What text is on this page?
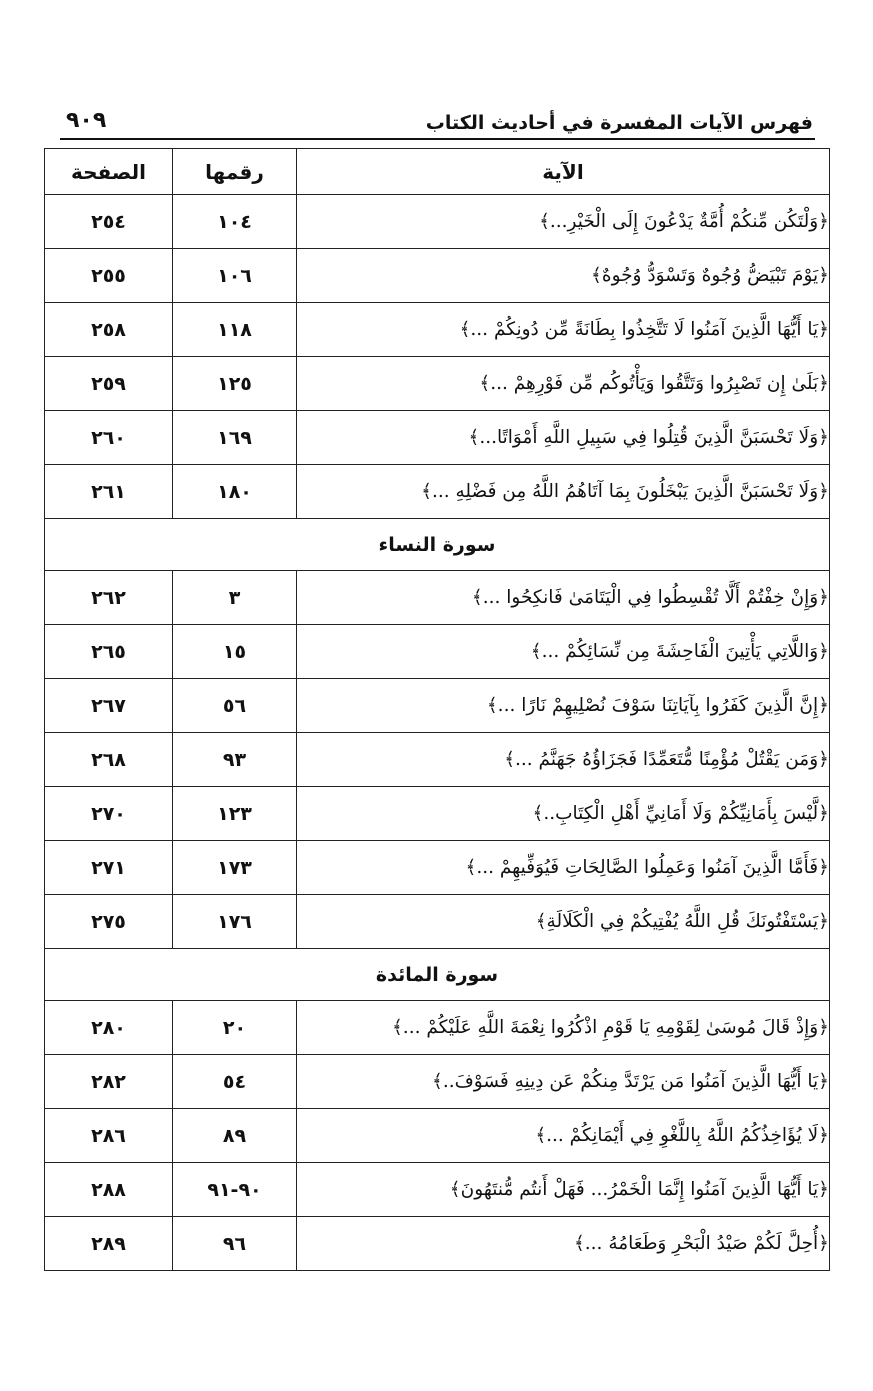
فهرس الآيات المفسرة في أحاديث الكتاب
٩٠٩
الآية	رقمها	الصفحة
﴿وَلْتَكُن مِّنكُمْ أُمَّةٌ يَدْعُونَ إِلَى الْخَيْرِ...﴾	١٠٤	٢٥٤
﴿يَوْمَ تَبْيَضُّ وُجُوهٌ وَتَسْوَدُّ وُجُوهٌ﴾	١٠٦	٢٥٥
﴿يَا أَيُّهَا الَّذِينَ آمَنُوا لَا تَتَّخِذُوا بِطَانَةً مِّن دُونِكُمْ ...﴾	١١٨	٢٥٨
﴿بَلَىٰ إِن تَصْبِرُوا وَتَتَّقُوا وَيَأْتُوكُم مِّن فَوْرِهِمْ ...﴾	١٢٥	٢٥٩
﴿وَلَا تَحْسَبَنَّ الَّذِينَ قُتِلُوا فِي سَبِيلِ اللَّهِ أَمْوَاتًا...﴾	١٦٩	٢٦٠
﴿وَلَا تَحْسَبَنَّ الَّذِينَ يَبْخَلُونَ بِمَا آتَاهُمُ اللَّهُ مِن فَضْلِهِ ...﴾	١٨٠	٢٦١
سورة النساء		
﴿وَإِنْ خِفْتُمْ أَلَّا تُقْسِطُوا فِي الْيَتَامَىٰ فَانكِحُوا ...﴾	٣	٢٦٢
﴿وَاللَّاتِي يَأْتِينَ الْفَاحِشَةَ مِن نِّسَائِكُمْ ...﴾	١٥	٢٦٥
﴿إِنَّ الَّذِينَ كَفَرُوا بِآيَاتِنَا سَوْفَ نُصْلِيهِمْ نَارًا ...﴾	٥٦	٢٦٧
﴿وَمَن يَقْتُلْ مُؤْمِنًا مُّتَعَمِّدًا فَجَزَاؤُهُ جَهَنَّمُ ...﴾	٩٣	٢٦٨
﴿لَّيْسَ بِأَمَانِيِّكُمْ وَلَا أَمَانِيِّ أَهْلِ الْكِتَابِ..﴾	١٢٣	٢٧٠
﴿فَأَمَّا الَّذِينَ آمَنُوا وَعَمِلُوا الصَّالِحَاتِ فَيُوَفِّيهِمْ ...﴾	١٧٣	٢٧١
﴿يَسْتَفْتُونَكَ قُلِ اللَّهُ يُفْتِيكُمْ فِي الْكَلَالَةِ﴾	١٧٦	٢٧٥
سورة المائدة		
﴿وَإِذْ قَالَ مُوسَىٰ لِقَوْمِهِ يَا قَوْمِ اذْكُرُوا نِعْمَةَ اللَّهِ عَلَيْكُمْ ...﴾	٢٠	٢٨٠
﴿يَا أَيُّهَا الَّذِينَ آمَنُوا مَن يَرْتَدَّ مِنكُمْ عَن دِينِهِ فَسَوْفَ..﴾	٥٤	٢٨٢
﴿لَا يُؤَاخِذُكُمُ اللَّهُ بِاللَّغْوِ فِي أَيْمَانِكُمْ ...﴾	٨٩	٢٨٦
﴿يَا أَيُّهَا الَّذِينَ آمَنُوا إِنَّمَا الْخَمْرُ... فَهَلْ أَنتُم مُّنتَهُونَ﴾	٩٠-٩١	٢٨٨
﴿أُحِلَّ لَكُمْ صَيْدُ الْبَحْرِ وَطَعَامُهُ ...﴾	٩٦	٢٨٩
